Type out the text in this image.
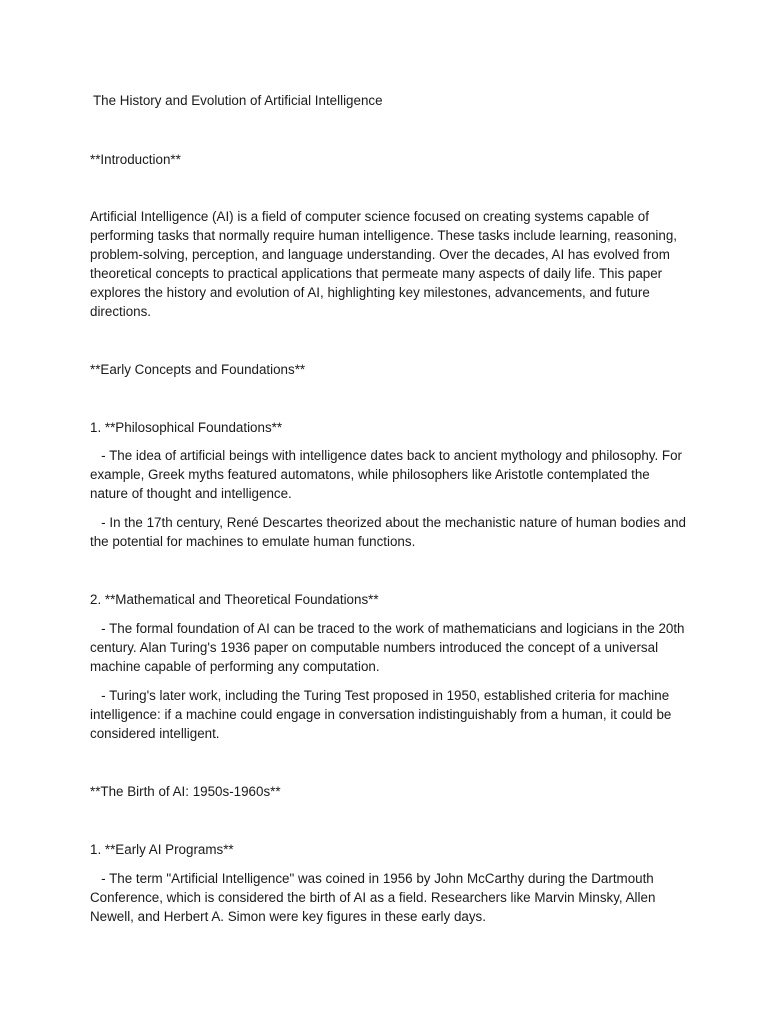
The History and Evolution of Artificial Intelligence

**Introduction**

Artificial Intelligence (AI) is a field of computer science focused on creating systems capable of performing tasks that normally require human intelligence. These tasks include learning, reasoning, problem-solving, perception, and language understanding. Over the decades, AI has evolved from theoretical concepts to practical applications that permeate many aspects of daily life. This paper explores the history and evolution of AI, highlighting key milestones, advancements, and future directions.

**Early Concepts and Foundations**

1. **Philosophical Foundations**

- The idea of artificial beings with intelligence dates back to ancient mythology and philosophy. For example, Greek myths featured automatons, while philosophers like Aristotle contemplated the nature of thought and intelligence.

- In the 17th century, René Descartes theorized about the mechanistic nature of human bodies and the potential for machines to emulate human functions.

2. **Mathematical and Theoretical Foundations**

- The formal foundation of AI can be traced to the work of mathematicians and logicians in the 20th century. Alan Turing's 1936 paper on computable numbers introduced the concept of a universal machine capable of performing any computation.

- Turing's later work, including the Turing Test proposed in 1950, established criteria for machine intelligence: if a machine could engage in conversation indistinguishably from a human, it could be considered intelligent.

**The Birth of AI: 1950s-1960s**

1. **Early AI Programs**

- The term "Artificial Intelligence" was coined in 1956 by John McCarthy during the Dartmouth Conference, which is considered the birth of AI as a field. Researchers like Marvin Minsky, Allen Newell, and Herbert A. Simon were key figures in these early days.
